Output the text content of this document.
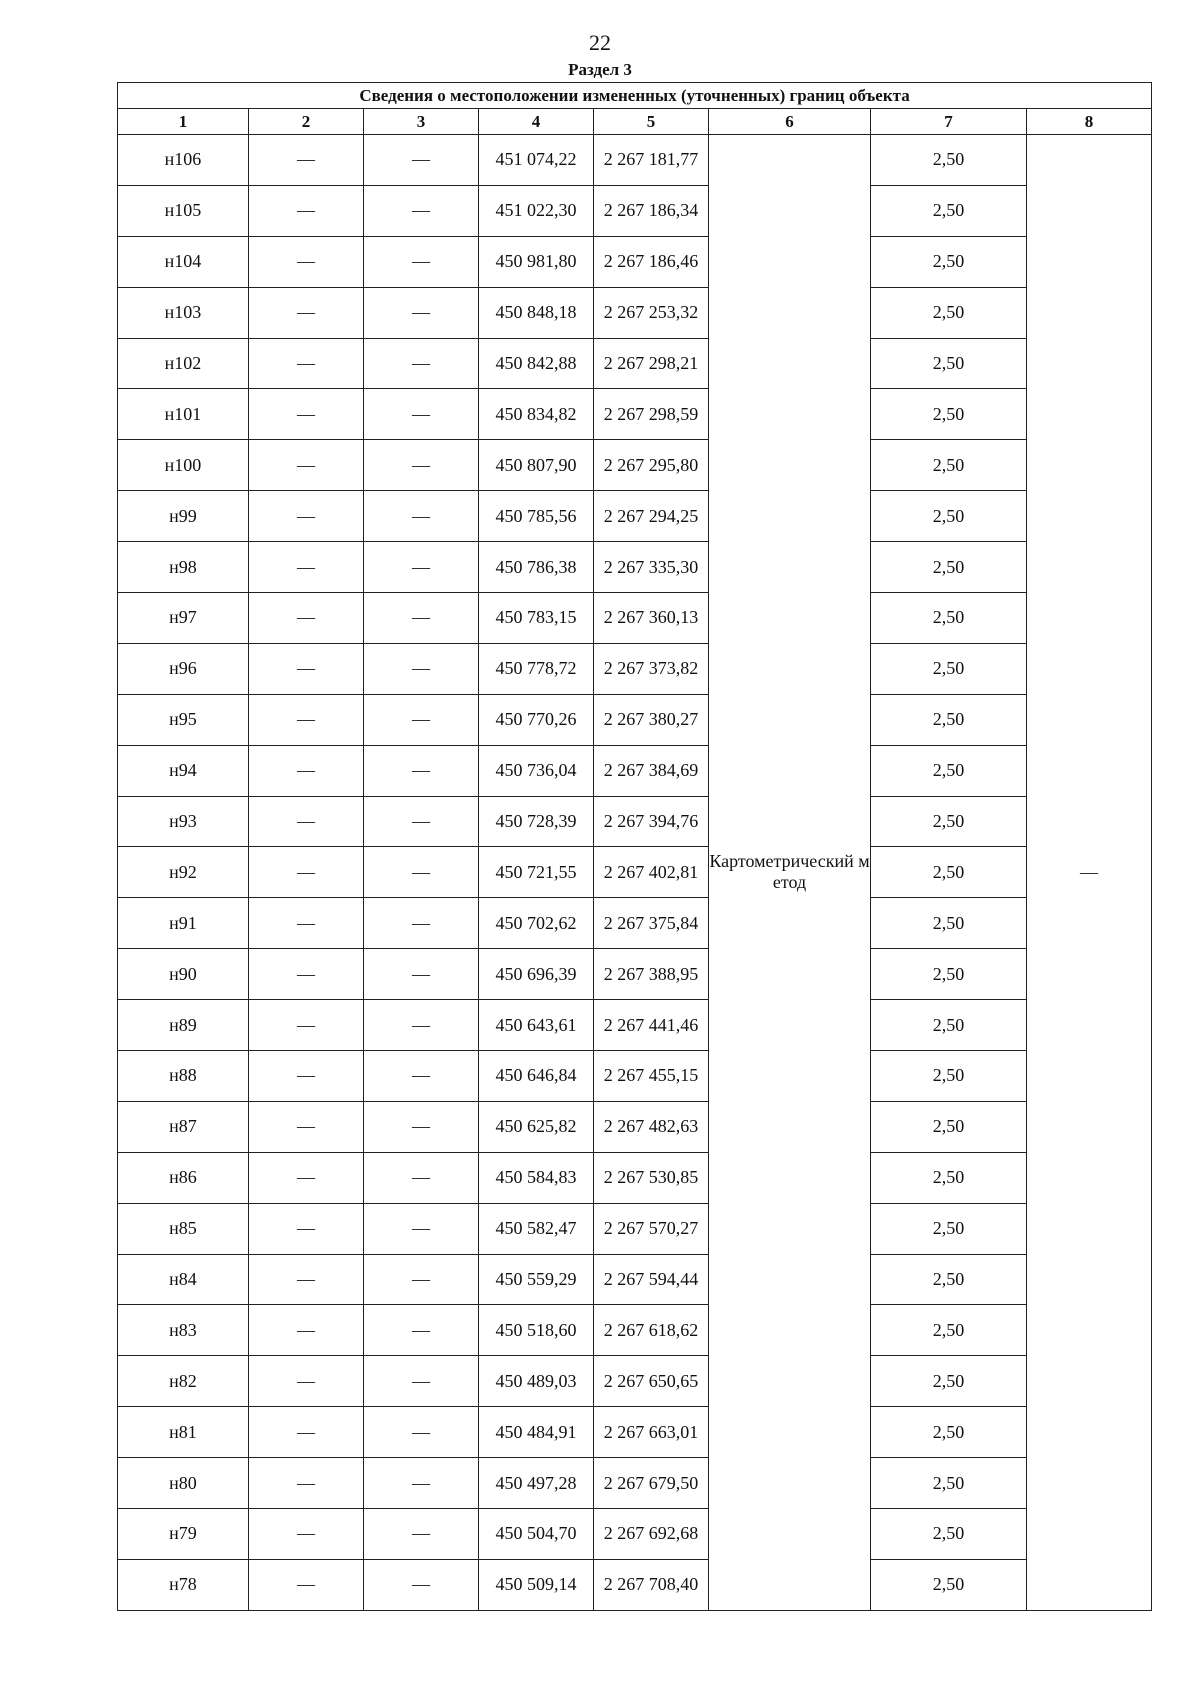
22
Раздел 3
Сведения о местоположении измененных (уточненных) границ объекта							
1	2	3	4	5	6	7	8
н106	—	—	451 074,22	2 267 181,77	Картометрический метод	2,50	—
н105	—	—	451 022,30	2 267 186,34		2,50	
н104	—	—	450 981,80	2 267 186,46		2,50	
н103	—	—	450 848,18	2 267 253,32		2,50	
н102	—	—	450 842,88	2 267 298,21		2,50	
н101	—	—	450 834,82	2 267 298,59		2,50	
н100	—	—	450 807,90	2 267 295,80		2,50	
н99	—	—	450 785,56	2 267 294,25		2,50	
н98	—	—	450 786,38	2 267 335,30		2,50	
н97	—	—	450 783,15	2 267 360,13		2,50	
н96	—	—	450 778,72	2 267 373,82		2,50	
н95	—	—	450 770,26	2 267 380,27		2,50	
н94	—	—	450 736,04	2 267 384,69		2,50	
н93	—	—	450 728,39	2 267 394,76		2,50	
н92	—	—	450 721,55	2 267 402,81		2,50	
н91	—	—	450 702,62	2 267 375,84		2,50	
н90	—	—	450 696,39	2 267 388,95		2,50	
н89	—	—	450 643,61	2 267 441,46		2,50	
н88	—	—	450 646,84	2 267 455,15		2,50	
н87	—	—	450 625,82	2 267 482,63		2,50	
н86	—	—	450 584,83	2 267 530,85		2,50	
н85	—	—	450 582,47	2 267 570,27		2,50	
н84	—	—	450 559,29	2 267 594,44		2,50	
н83	—	—	450 518,60	2 267 618,62		2,50	
н82	—	—	450 489,03	2 267 650,65		2,50	
н81	—	—	450 484,91	2 267 663,01		2,50	
н80	—	—	450 497,28	2 267 679,50		2,50	
н79	—	—	450 504,70	2 267 692,68		2,50	
н78	—	—	450 509,14	2 267 708,40		2,50	
